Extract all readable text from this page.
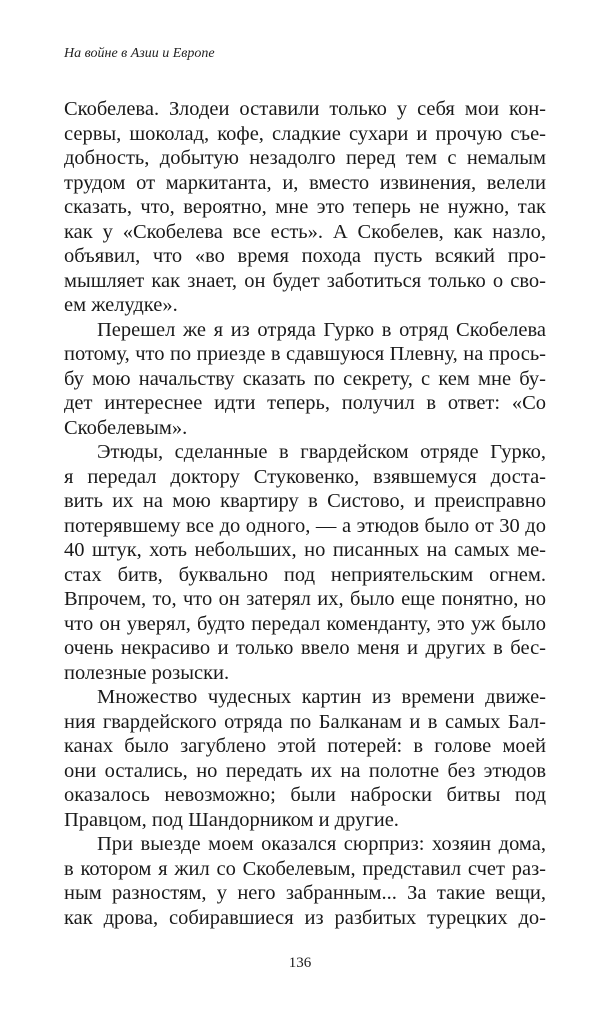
На войне в Азии и Европе
Скобелева. Злодеи оставили только у себя мои кон-
сервы, шоколад, кофе, сладкие сухари и прочую съе-
добность, добытую незадолго перед тем с немалым
трудом от маркитанта, и, вместо извинения, велели
сказать, что, вероятно, мне это теперь не нужно, так
как у «Скобелева все есть». А Скобелев, как назло,
объявил, что «во время похода пусть всякий про-
мышляет как знает, он будет заботиться только о сво-
ем желудке».
Перешел же я из отряда Гурко в отряд Скобелева
потому, что по приезде в сдавшуюся Плевну, на прось-
бу мою начальству сказать по секрету, с кем мне бу-
дет интереснее идти теперь, получил в ответ: «Со
Скобелевым».
Этюды, сделанные в гвардейском отряде Гурко,
я передал доктору Стуковенко, взявшемуся доста-
вить их на мою квартиру в Систово, и преисправно
потерявшему все до одного, — а этюдов было от 30 до
40 штук, хоть небольших, но писанных на самых ме-
стах битв, буквально под неприятельским огнем.
Впрочем, то, что он затерял их, было еще понятно, но
что он уверял, будто передал коменданту, это уж было
очень некрасиво и только ввело меня и других в бес-
полезные розыски.
Множество чудесных картин из времени движе-
ния гвардейского отряда по Балканам и в самых Бал-
канах было загублено этой потерей: в голове моей
они остались, но передать их на полотне без этюдов
оказалось невозможно; были наброски битвы под
Правцом, под Шандорником и другие.
При выезде моем оказался сюрприз: хозяин дома,
в котором я жил со Скобелевым, представил счет раз-
ным разностям, у него забранным... За такие вещи,
как дрова, собиравшиеся из разбитых турецких до-
136
